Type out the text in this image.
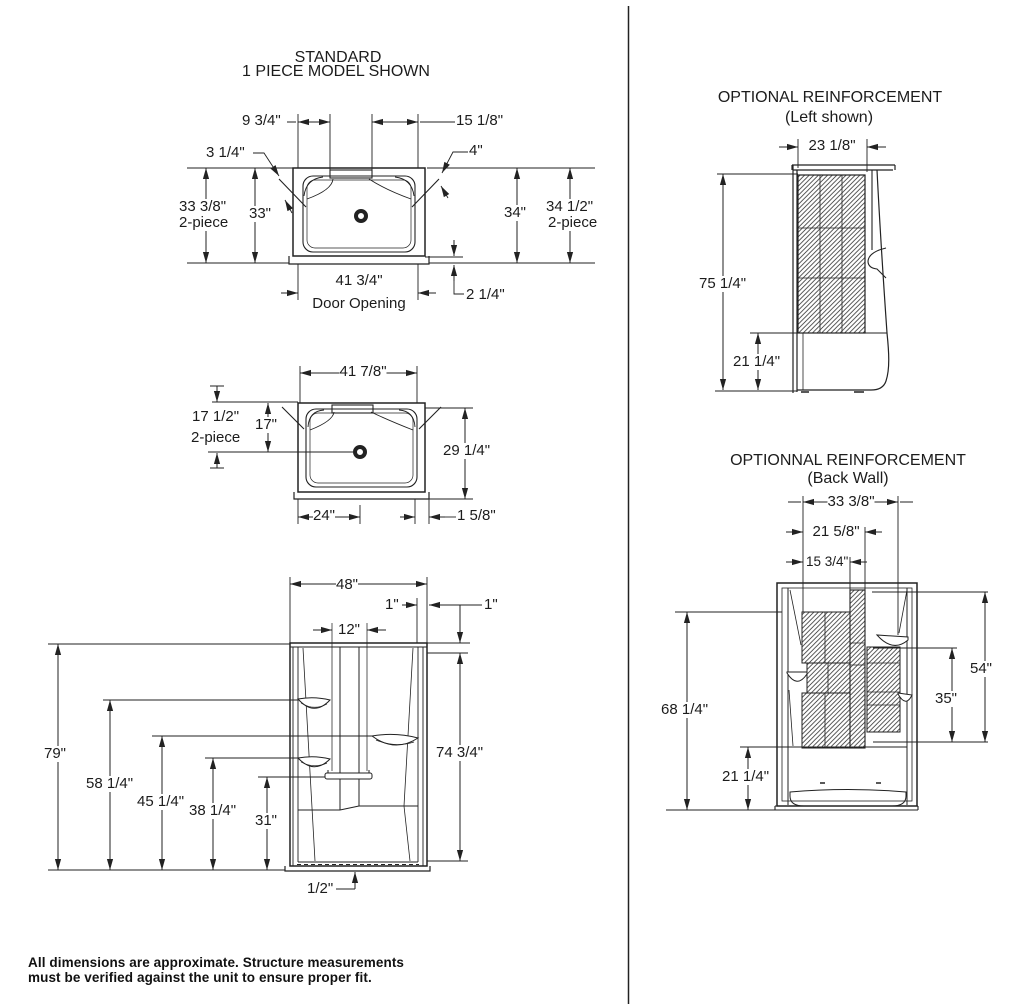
STANDARD
1 PIECE MODEL SHOWN
9 3/4"	15 1/8"
3 1/4"	4"
33 3/8"
2-piece
33"	34" 34 1/2"
2-piece
41 3/4"
Door Opening
2 1/4"
41 7/8"
17 1/2"
2-piece
17"
29 1/4"
24"	1 5/8"
48"
1"	1"
12"
79"
58 1/4"
45 1/4"
38 1/4"
31"
74 3/4"
1/2"
OPTIONAL REINFORCEMENT
(Left shown)
23 1/8"
75 1/4"
21 1/4"
OPTIONNAL REINFORCEMENT
(Back Wall)
33 3/8"
21 5/8"
15 3/4"
68 1/4"
21 1/4"
54"
35"
All dimensions are approximate. Structure measurements
must be verified against the unit to ensure proper fit.
